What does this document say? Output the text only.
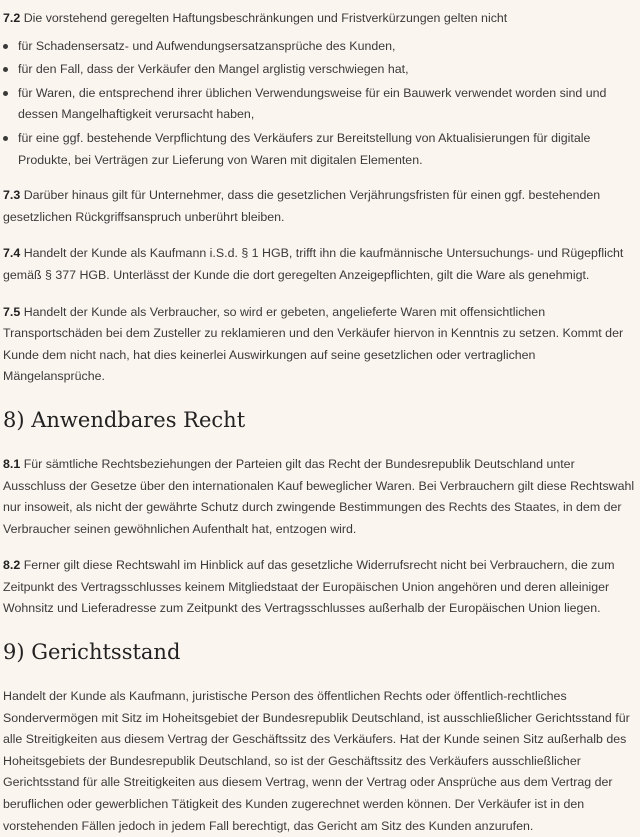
7.2 Die vorstehend geregelten Haftungsbeschränkungen und Fristverkürzungen gelten nicht

für Schadensersatz- und Aufwendungsersatzansprüche des Kunden,
für den Fall, dass der Verkäufer den Mangel arglistig verschwiegen hat,
für Waren, die entsprechend ihrer üblichen Verwendungsweise für ein Bauwerk verwendet worden sind und dessen Mangelhaftigkeit verursacht haben,
für eine ggf. bestehende Verpflichtung des Verkäufers zur Bereitstellung von Aktualisierungen für digitale Produkte, bei Verträgen zur Lieferung von Waren mit digitalen Elementen.

7.3 Darüber hinaus gilt für Unternehmer, dass die gesetzlichen Verjährungsfristen für einen ggf. bestehenden gesetzlichen Rückgriffsanspruch unberührt bleiben.

7.4 Handelt der Kunde als Kaufmann i.S.d. § 1 HGB, trifft ihn die kaufmännische Untersuchungs- und Rügepflicht gemäß § 377 HGB. Unterlässt der Kunde die dort geregelten Anzeigepflichten, gilt die Ware als genehmigt.

7.5 Handelt der Kunde als Verbraucher, so wird er gebeten, angelieferte Waren mit offensichtlichen Transportschäden bei dem Zusteller zu reklamieren und den Verkäufer hiervon in Kenntnis zu setzen. Kommt der Kunde dem nicht nach, hat dies keinerlei Auswirkungen auf seine gesetzlichen oder vertraglichen Mängelansprüche.

8) Anwendbares Recht

8.1 Für sämtliche Rechtsbeziehungen der Parteien gilt das Recht der Bundesrepublik Deutschland unter Ausschluss der Gesetze über den internationalen Kauf beweglicher Waren. Bei Verbrauchern gilt diese Rechtswahl nur insoweit, als nicht der gewährte Schutz durch zwingende Bestimmungen des Rechts des Staates, in dem der Verbraucher seinen gewöhnlichen Aufenthalt hat, entzogen wird.

8.2 Ferner gilt diese Rechtswahl im Hinblick auf das gesetzliche Widerrufsrecht nicht bei Verbrauchern, die zum Zeitpunkt des Vertragsschlusses keinem Mitgliedstaat der Europäischen Union angehören und deren alleiniger Wohnsitz und Lieferadresse zum Zeitpunkt des Vertragsschlusses außerhalb der Europäischen Union liegen.

9) Gerichtsstand

Handelt der Kunde als Kaufmann, juristische Person des öffentlichen Rechts oder öffentlich-rechtliches Sondervermögen mit Sitz im Hoheitsgebiet der Bundesrepublik Deutschland, ist ausschließlicher Gerichtsstand für alle Streitigkeiten aus diesem Vertrag der Geschäftssitz des Verkäufers. Hat der Kunde seinen Sitz außerhalb des Hoheitsgebiets der Bundesrepublik Deutschland, so ist der Geschäftssitz des Verkäufers ausschließlicher Gerichtsstand für alle Streitigkeiten aus diesem Vertrag, wenn der Vertrag oder Ansprüche aus dem Vertrag der beruflichen oder gewerblichen Tätigkeit des Kunden zugerechnet werden können. Der Verkäufer ist in den vorstehenden Fällen jedoch in jedem Fall berechtigt, das Gericht am Sitz des Kunden anzurufen.
